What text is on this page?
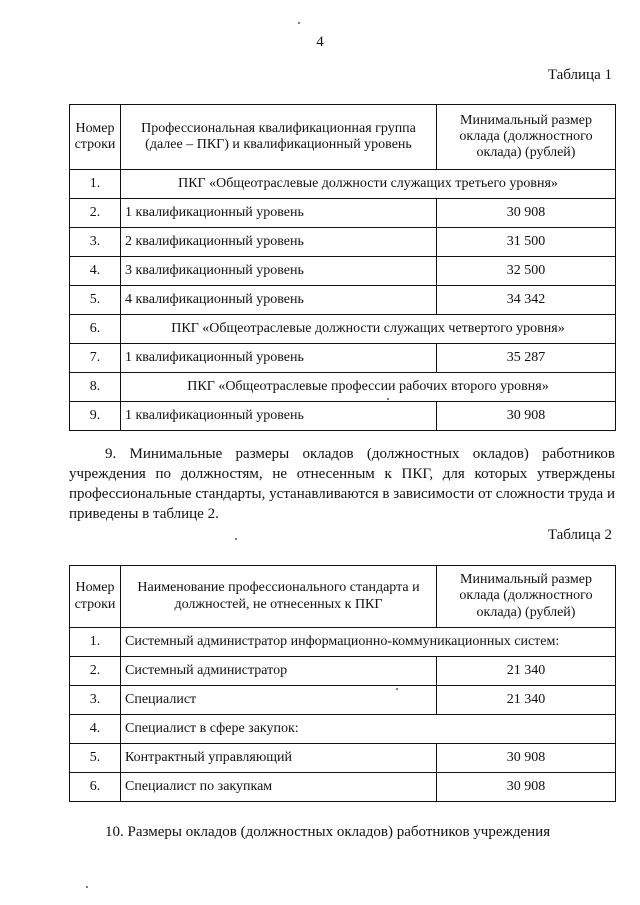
4
Таблица 1
Номер строки	Профессиональная квалификационная группа (далее – ПКГ) и квалификационный уровень	Минимальный размер оклада (должностного оклада) (рублей)
1.	ПКГ «Общеотраслевые должности служащих третьего уровня»	
2.	1 квалификационный уровень	30 908
3.	2 квалификационный уровень	31 500
4.	3 квалификационный уровень	32 500
5.	4 квалификационный уровень	34 342
6.	ПКГ «Общеотраслевые должности служащих четвертого уровня»	
7.	1 квалификационный уровень	35 287
8.	ПКГ «Общеотраслевые профессии рабочих второго уровня»	
9.	1 квалификационный уровень	30 908
9. Минимальные размеры окладов (должностных окладов) работников учреждения по должностям, не отнесенным к ПКГ, для которых утверждены профессиональные стандарты, устанавливаются в зависимости от сложности труда и приведены в таблице 2.
Таблица 2
Номер строки	Наименование профессионального стандарта и должностей, не отнесенных к ПКГ	Минимальный размер оклада (должностного оклада) (рублей)
1.	Системный администратор информационно-коммуникационных систем:	
2.	Системный администратор	21 340
3.	Специалист	21 340
4.	Специалист в сфере закупок:	
5.	Контрактный управляющий	30 908
6.	Специалист по закупкам	30 908
10. Размеры окладов (должностных окладов) работников учреждения
